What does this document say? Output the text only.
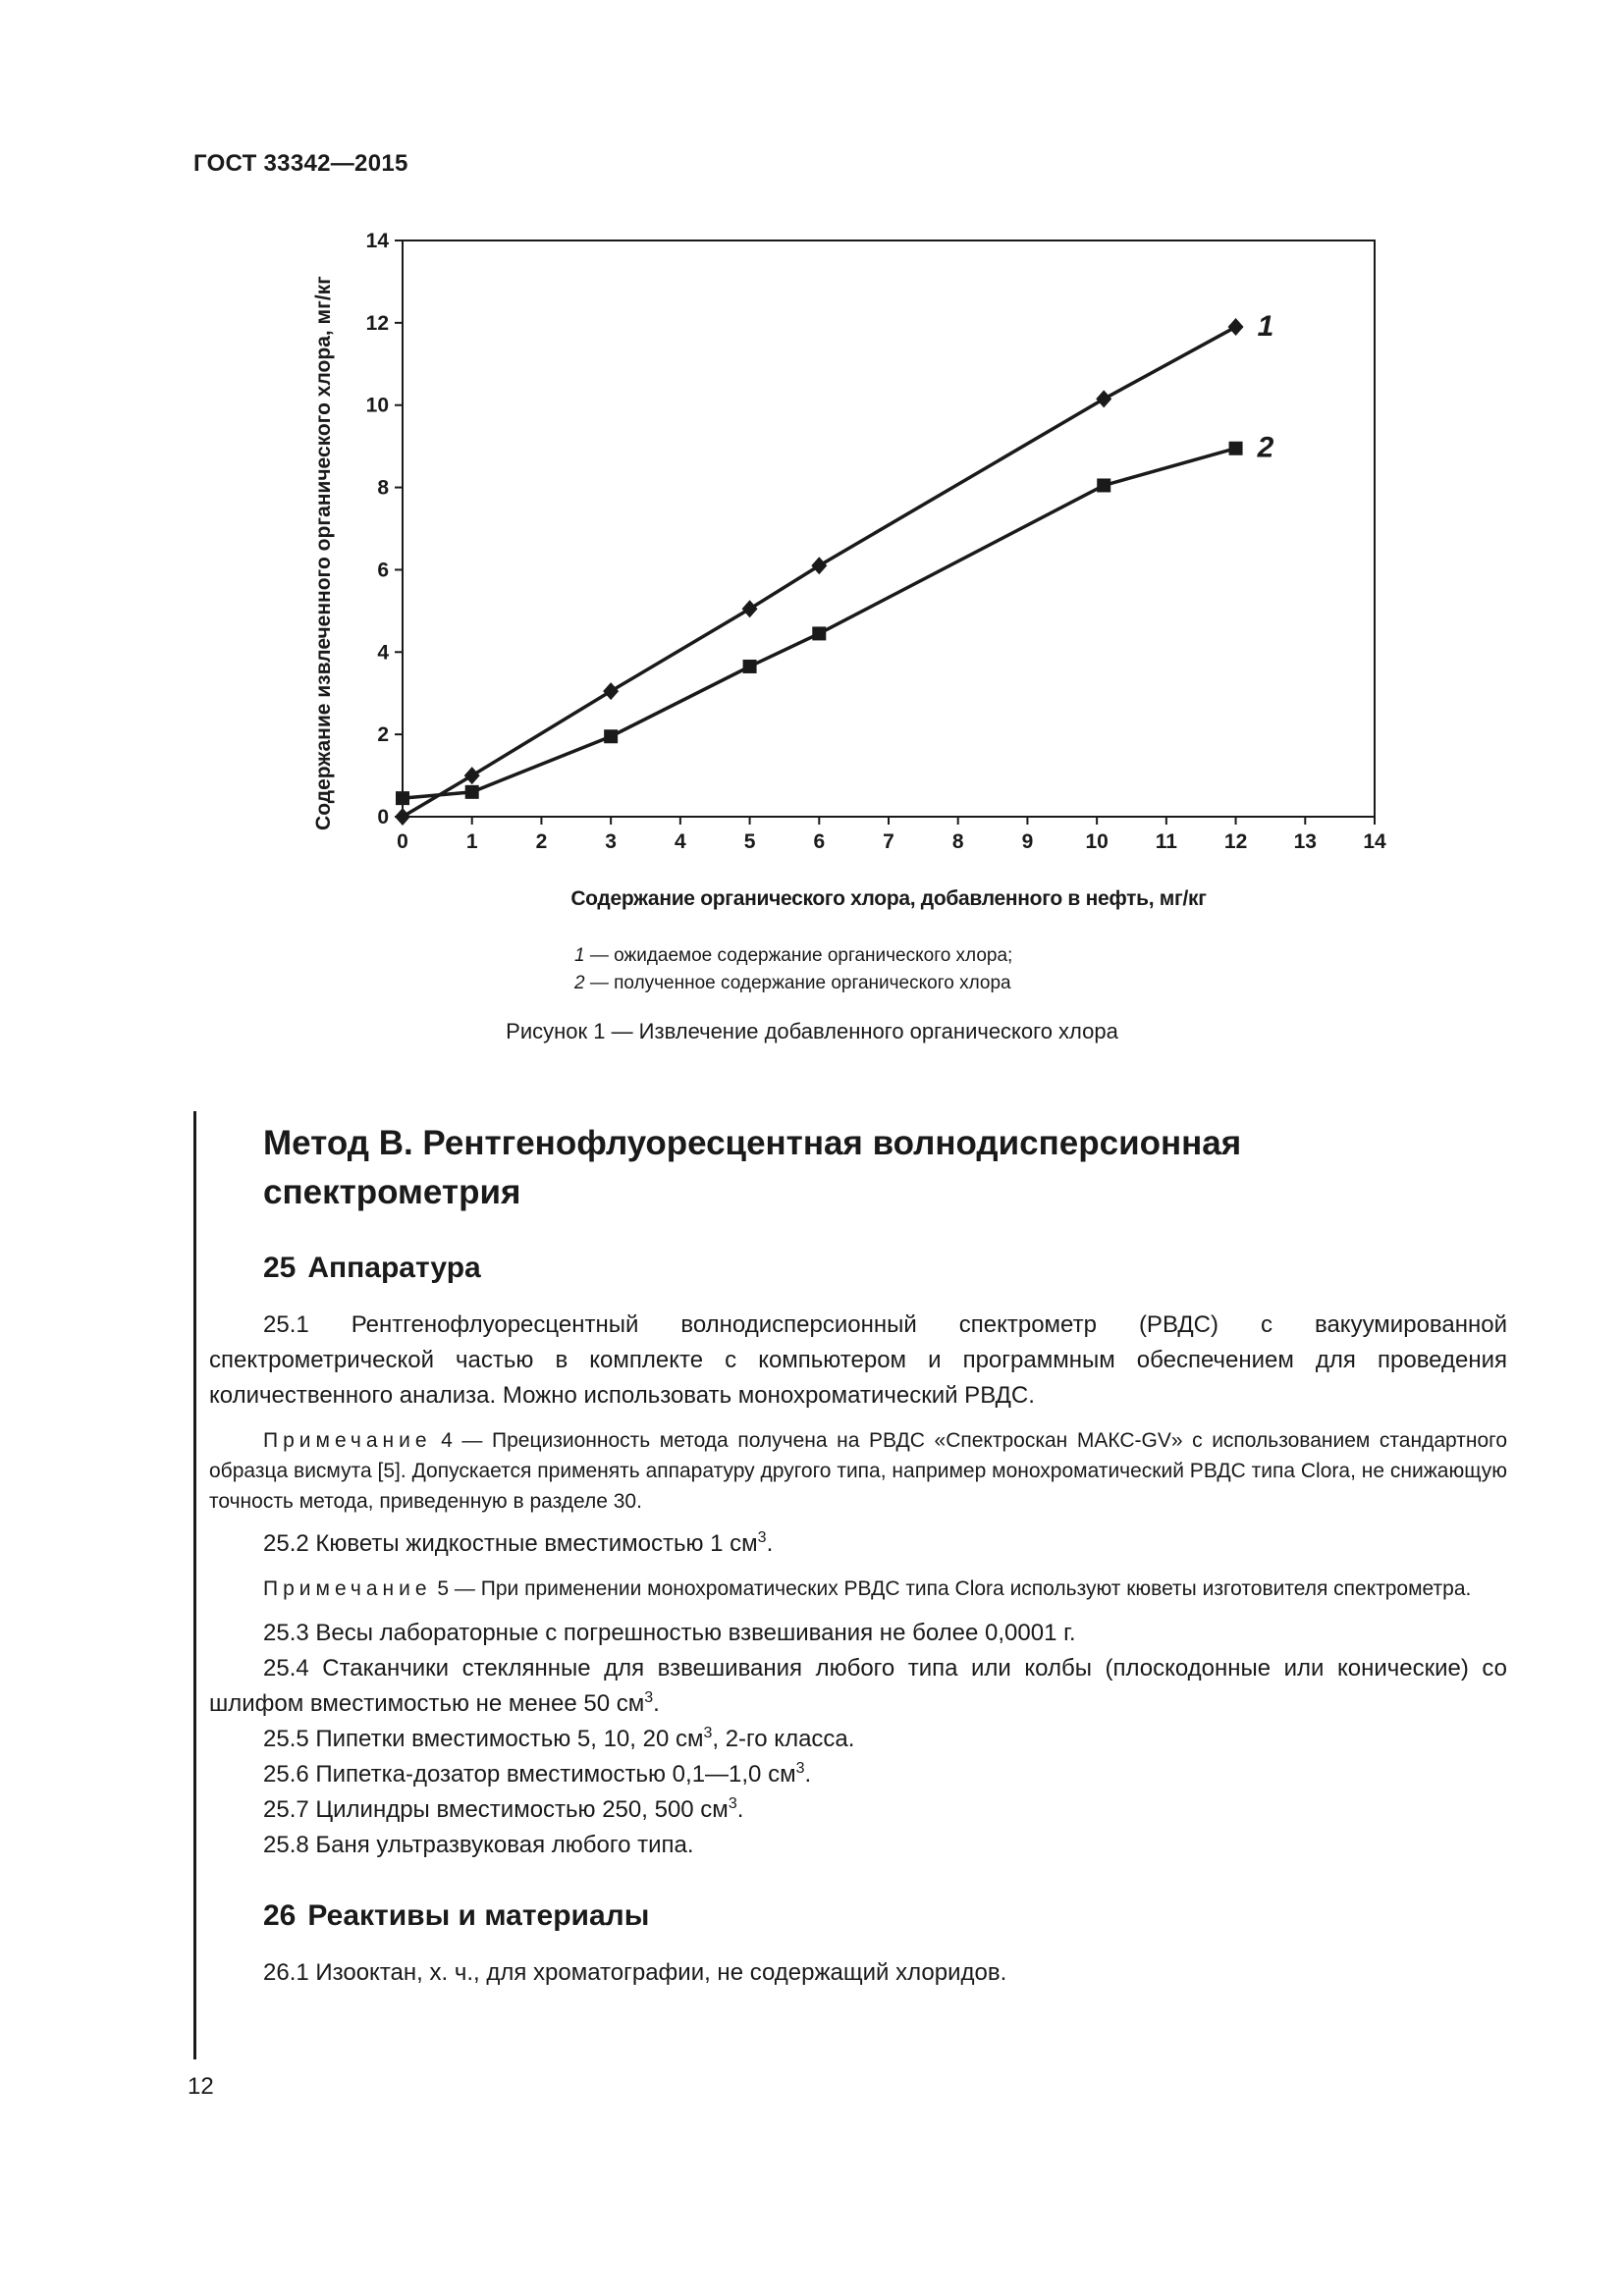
ГОСТ 33342—2015
0	1	2	3	4	5	6	7	8	9	10 11 12 13 14
0
2
4
6
8
10
12
14
Содержание органического хлора, добавленного в нефть, мг/кг
Содержание извлеченного органического хлора, мг/кг	1
2
1 — ожидаемое содержание органического хлора;
2 — полученное содержание органического хлора
Рисунок 1 — Извлечение добавленного органического хлора
Метод B. Рентгенофлуоресцентная волнодисперсионная спектрометрия
25 Аппаратура

25.1 Рентгенофлуоресцентный волнодисперсионный спектрометр (РВДС) с вакуумированной спектрометрической частью в комплекте с компьютером и программным обеспечением для проведения количественного анализа. Можно использовать монохроматический РВДС.

Примечание 4 — Прецизионность метода получена на РВДС «Спектроскан МАКС-GV» с использованием стандартного образца висмута [5]. Допускается применять аппаратуру другого типа, например монохроматический РВДС типа Clora, не снижающую точность метода, приведенную в разделе 30.

25.2 Кюветы жидкостные вместимостью 1 $см^3$.

Примечание 5 — При применении монохроматических РВДС типа Clora используют кюветы изготовителя спектрометра.

25.3 Весы лабораторные с погрешностью взвешивания не более 0,0001 г.

25.4 Стаканчики стеклянные для взвешивания любого типа или колбы (плоскодонные или конические) со шлифом вместимостью не менее 50 $см^3$.

25.5 Пипетки вместимостью 5, 10, 20 $см^3$, 2-го класса.

25.6 Пипетка-дозатор вместимостью 0,1—1,0 $см^3$.

25.7 Цилиндры вместимостью 250, 500 $см^3$.

25.8 Баня ультразвуковая любого типа.

26 Реактивы и материалы

26.1 Изооктан, х. ч., для хроматографии, не содержащий хлоридов.

12
